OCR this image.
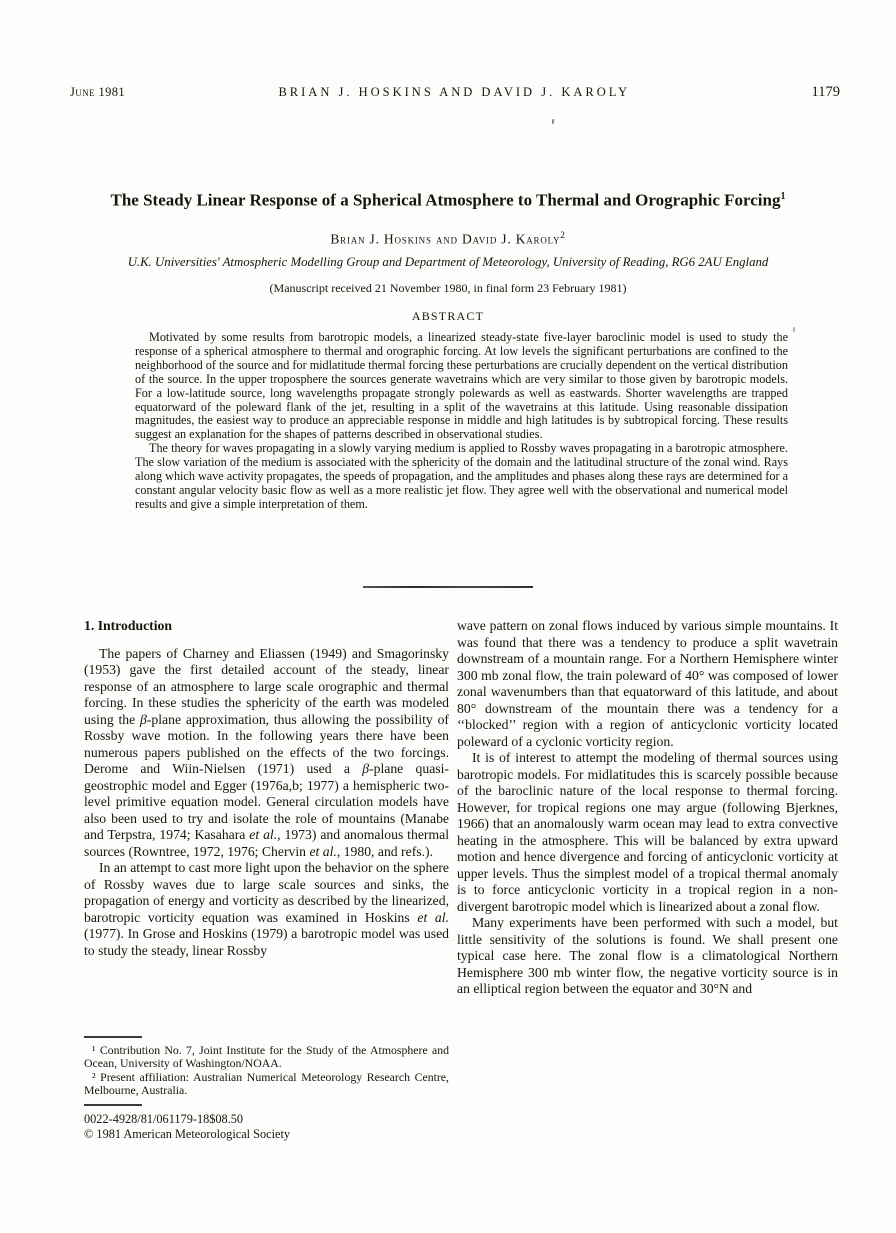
June 1981	BRIAN J. HOSKINS AND DAVID J. KAROLY	1179
The Steady Linear Response of a Spherical Atmosphere to Thermal and Orographic Forcing$^1$
Brian J. Hoskins and David J. Karoly$^2$
U.K. Universities' Atmospheric Modelling Group and Department of Meteorology, University of Reading, RG6 2AU England
(Manuscript received 21 November 1980, in final form 23 February 1981)
ABSTRACT

Motivated by some results from barotropic models, a linearized steady-state five-layer baroclinic model is used to study the response of a spherical atmosphere to thermal and orographic forcing. At low levels the significant perturbations are confined to the neighborhood of the source and for midlatitude thermal forcing these perturbations are crucially dependent on the vertical distribution of the source. In the upper troposphere the sources generate wavetrains which are very similar to those given by barotropic models. For a low-latitude source, long wavelengths propagate strongly polewards as well as eastwards. Shorter wavelengths are trapped equatorward of the poleward flank of the jet, resulting in a split of the wavetrains at this latitude. Using reasonable dissipation magnitudes, the easiest way to produce an appreciable response in middle and high latitudes is by subtropical forcing. These results suggest an explanation for the shapes of patterns described in observational studies.

The theory for waves propagating in a slowly varying medium is applied to Rossby waves propagating in a barotropic atmosphere. The slow variation of the medium is associated with the sphericity of the domain and the latitudinal structure of the zonal wind. Rays along which wave activity propagates, the speeds of propagation, and the amplitudes and phases along these rays are determined for a constant angular velocity basic flow as well as a more realistic jet flow. They agree well with the observational and numerical model results and give a simple interpretation of them.

1. Introduction

The papers of Charney and Eliassen (1949) and Smagorinsky (1953) gave the first detailed account of the steady, linear response of an atmosphere to large scale orographic and thermal forcing. In these studies the sphericity of the earth was modeled using the β-plane approximation, thus allowing the possibility of Rossby wave motion. In the following years there have been numerous papers published on the effects of the two forcings. Derome and Wiin-Nielsen (1971) used a β-plane quasi-geostrophic model and Egger (1976a,b; 1977) a hemispheric two-level primitive equation model. General circulation models have also been used to try and isolate the role of mountains (Manabe and Terpstra, 1974; Kasahara et al., 1973) and anomalous thermal sources (Rowntree, 1972, 1976; Chervin et al., 1980, and refs.).

In an attempt to cast more light upon the behavior on the sphere of Rossby waves due to large scale sources and sinks, the propagation of energy and vorticity as described by the linearized, barotropic vorticity equation was examined in Hoskins et al. (1977). In Grose and Hoskins (1979) a barotropic model was used to study the steady, linear Rossby

wave pattern on zonal flows induced by various simple mountains. It was found that there was a tendency to produce a split wavetrain downstream of a mountain range. For a Northern Hemisphere winter 300 mb zonal flow, the train poleward of 40° was composed of lower zonal wavenumbers than that equatorward of this latitude, and about 80° downstream of the mountain there was a tendency for a ‘‘blocked’’ region with a region of anticyclonic vorticity located poleward of a cyclonic vorticity region.

It is of interest to attempt the modeling of thermal sources using barotropic models. For midlatitudes this is scarcely possible because of the baroclinic nature of the local response to thermal forcing. However, for tropical regions one may argue (following Bjerknes, 1966) that an anomalously warm ocean may lead to extra convective heating in the atmosphere. This will be balanced by extra upward motion and hence divergence and forcing of anticyclonic vorticity at upper levels. Thus the simplest model of a tropical thermal anomaly is to force anticyclonic vorticity in a tropical region in a non-divergent barotropic model which is linearized about a zonal flow.

Many experiments have been performed with such a model, but little sensitivity of the solutions is found. We shall present one typical case here. The zonal flow is a climatological Northern Hemisphere 300 mb winter flow, the negative vorticity source is in an elliptical region between the equator and 30°N and

¹ Contribution No. 7, Joint Institute for the Study of the Atmosphere and Ocean, University of Washington/NOAA.

² Present affiliation: Australian Numerical Meteorology Research Centre, Melbourne, Australia.

0022-4928/81/061179-18$08.50
© 1981 American Meteorological Society
